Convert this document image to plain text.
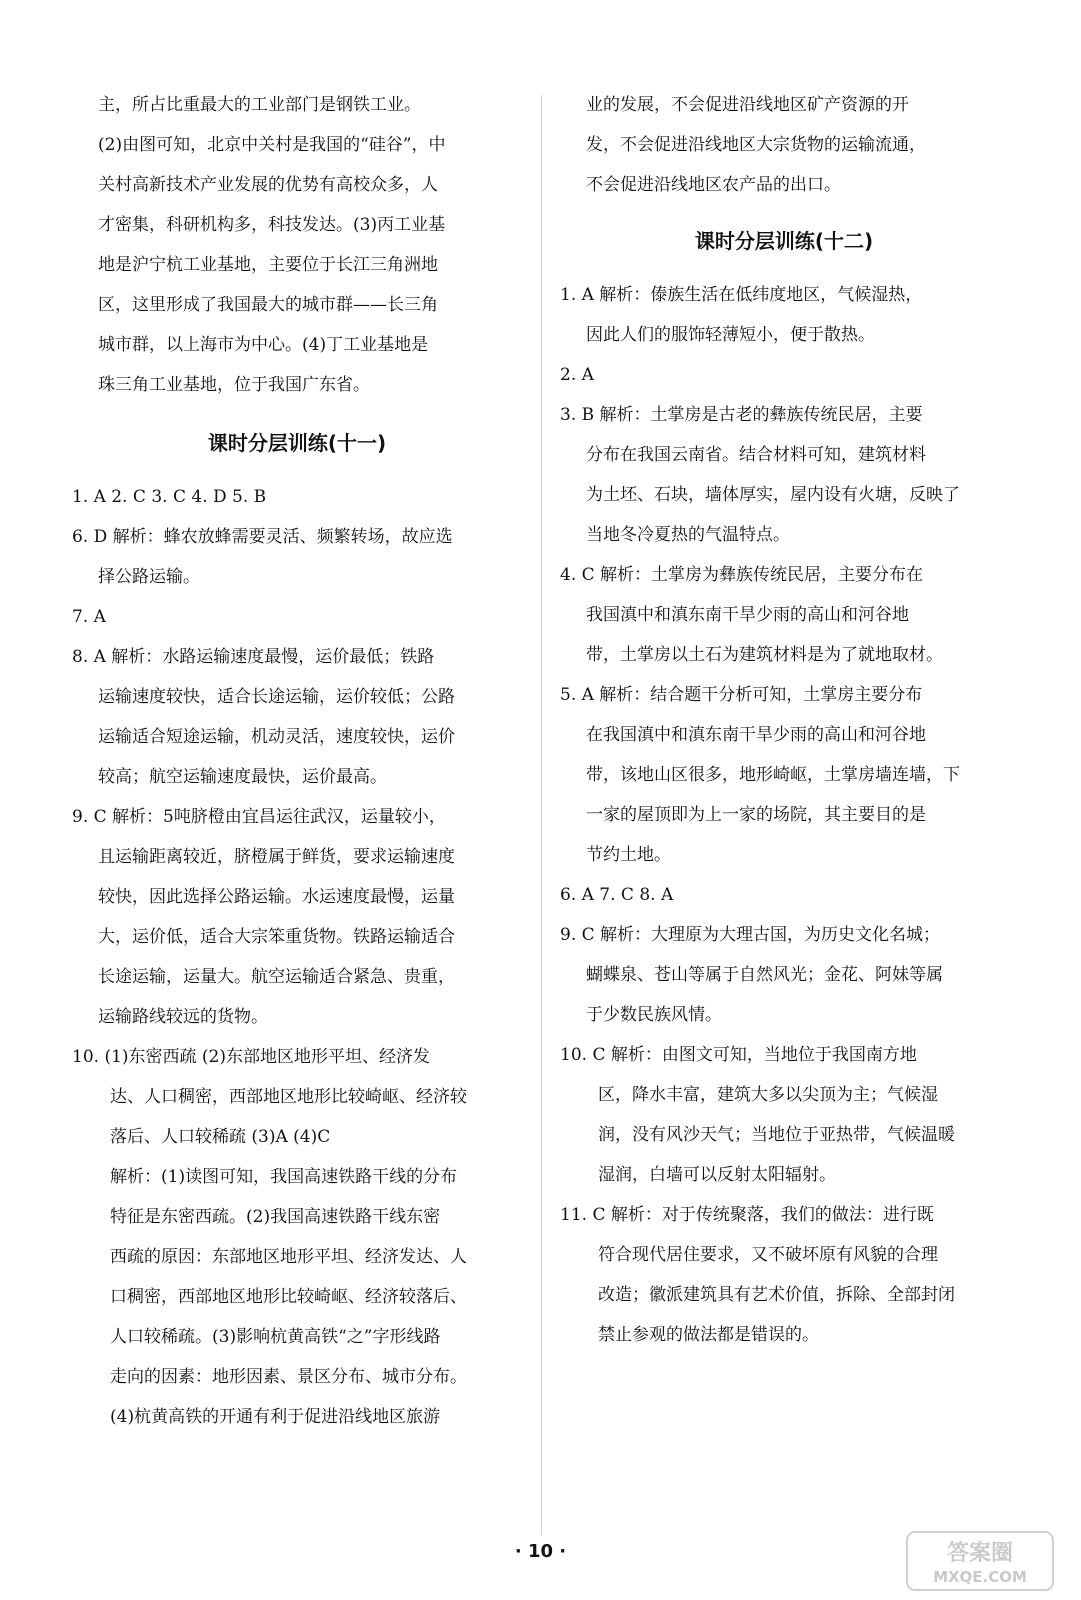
主，所占比重最大的工业部门是钢铁工业。

(2)由图可知，北京中关村是我国的“硅谷”，中

关村高新技术产业发展的优势有高校众多，人

才密集，科研机构多，科技发达。(3)丙工业基

地是沪宁杭工业基地，主要位于长江三角洲地

区，这里形成了我国最大的城市群——长三角

城市群，以上海市为中心。(4)丁工业基地是

珠三角工业基地，位于我国广东省。

课时分层训练(十一)

1. A 2. C 3. C 4. D 5. B

6. D 解析：蜂农放蜂需要灵活、频繁转场，故应选

择公路运输。

7. A

8. A 解析：水路运输速度最慢，运价最低；铁路

运输速度较快，适合长途运输，运价较低；公路

运输适合短途运输，机动灵活，速度较快，运价

较高；航空运输速度最快，运价最高。

9. C 解析：5吨脐橙由宜昌运往武汉，运量较小，

且运输距离较近，脐橙属于鲜货，要求运输速度

较快，因此选择公路运输。水运速度最慢，运量

大，运价低，适合大宗笨重货物。铁路运输适合

长途运输，运量大。航空运输适合紧急、贵重，

运输路线较远的货物。

10. (1)东密西疏 (2)东部地区地形平坦、经济发

达、人口稠密，西部地区地形比较崎岖、经济较

落后、人口较稀疏 (3)A (4)C

解析：(1)读图可知，我国高速铁路干线的分布

特征是东密西疏。(2)我国高速铁路干线东密

西疏的原因：东部地区地形平坦、经济发达、人

口稠密，西部地区地形比较崎岖、经济较落后、

人口较稀疏。(3)影响杭黄高铁“之”字形线路

走向的因素：地形因素、景区分布、城市分布。

(4)杭黄高铁的开通有利于促进沿线地区旅游

业的发展，不会促进沿线地区矿产资源的开

发，不会促进沿线地区大宗货物的运输流通，

不会促进沿线地区农产品的出口。

课时分层训练(十二)

1. A 解析：傣族生活在低纬度地区，气候湿热，

因此人们的服饰轻薄短小，便于散热。

2. A

3. B 解析：土掌房是古老的彝族传统民居，主要

分布在我国云南省。结合材料可知，建筑材料

为土坯、石块，墙体厚实，屋内设有火塘，反映了

当地冬冷夏热的气温特点。

4. C 解析：土掌房为彝族传统民居，主要分布在

我国滇中和滇东南干旱少雨的高山和河谷地

带，土掌房以土石为建筑材料是为了就地取材。

5. A 解析：结合题干分析可知，土掌房主要分布

在我国滇中和滇东南干旱少雨的高山和河谷地

带，该地山区很多，地形崎岖，土掌房墙连墙，下

一家的屋顶即为上一家的场院，其主要目的是

节约土地。

6. A 7. C 8. A

9. C 解析：大理原为大理古国，为历史文化名城；

蝴蝶泉、苍山等属于自然风光；金花、阿妹等属

于少数民族风情。

10. C 解析：由图文可知，当地位于我国南方地

区，降水丰富，建筑大多以尖顶为主；气候湿

润，没有风沙天气；当地位于亚热带，气候温暖

湿润，白墙可以反射太阳辐射。

11. C 解析：对于传统聚落，我们的做法：进行既

符合现代居住要求，又不破坏原有风貌的合理

改造；徽派建筑具有艺术价值，拆除、全部封闭

禁止参观的做法都是错误的。

· 10 ·	答案圈
MXQE.COM
